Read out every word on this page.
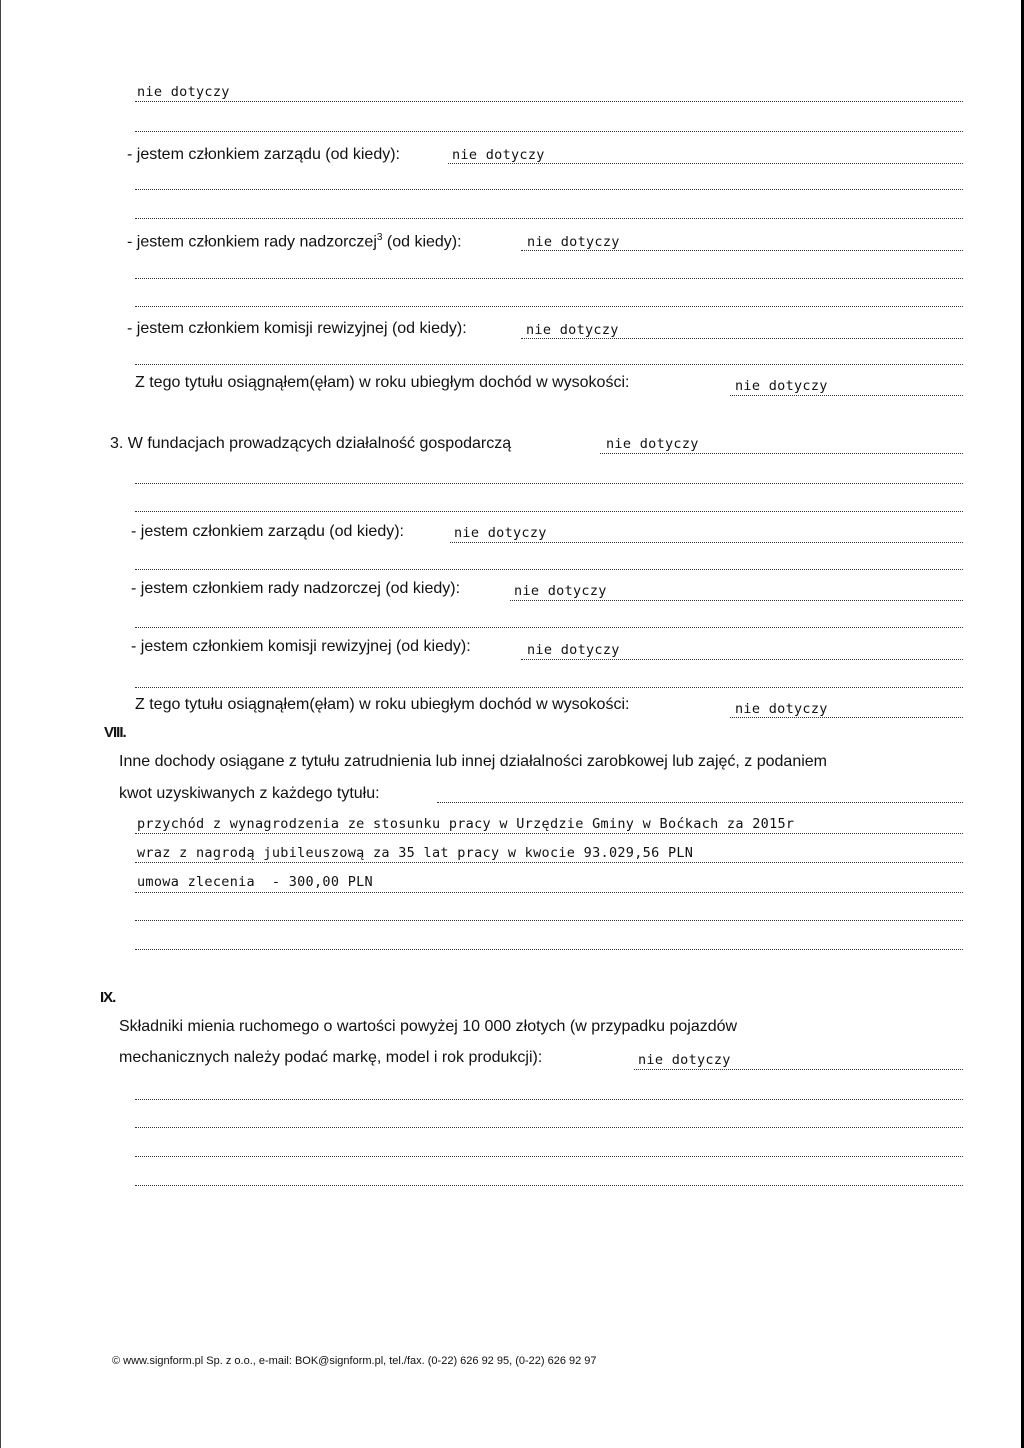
nie dotyczy
- jestem członkiem zarządu (od kiedy):	nie dotyczy
- jestem członkiem rady nadzorczej$^3$ (od kiedy):	nie dotyczy
- jestem członkiem komisji rewizyjnej (od kiedy):	nie dotyczy
Z tego tytułu osiągnąłem(ęłam) w roku ubiegłym dochód w wysokości:	nie dotyczy
3. W fundacjach prowadzących działalność gospodarczą	nie dotyczy
- jestem członkiem zarządu (od kiedy):	nie dotyczy
- jestem członkiem rady nadzorczej (od kiedy):	nie dotyczy
- jestem członkiem komisji rewizyjnej (od kiedy):	nie dotyczy
Z tego tytułu osiągnąłem(ęłam) w roku ubiegłym dochód w wysokości:	nie dotyczy
VIII.
Inne dochody osiągane z tytułu zatrudnienia lub innej działalności zarobkowej lub zajęć, z podaniem
kwot uzyskiwanych z każdego tytułu:
przychód z wynagrodzenia ze stosunku pracy w Urzędzie Gminy w Boćkach za 2015r
wraz z nagrodą jubileuszową za 35 lat pracy w kwocie 93.029,56 PLN
umowa zlecenia  - 300,00 PLN
IX.
Składniki mienia ruchomego o wartości powyżej 10 000 złotych (w przypadku pojazdów
mechanicznych należy podać markę, model i rok produkcji):	nie dotyczy
© www.signform.pl Sp. z o.o., e-mail: BOK@signform.pl, tel./fax. (0-22) 626 92 95, (0-22) 626 92 97
